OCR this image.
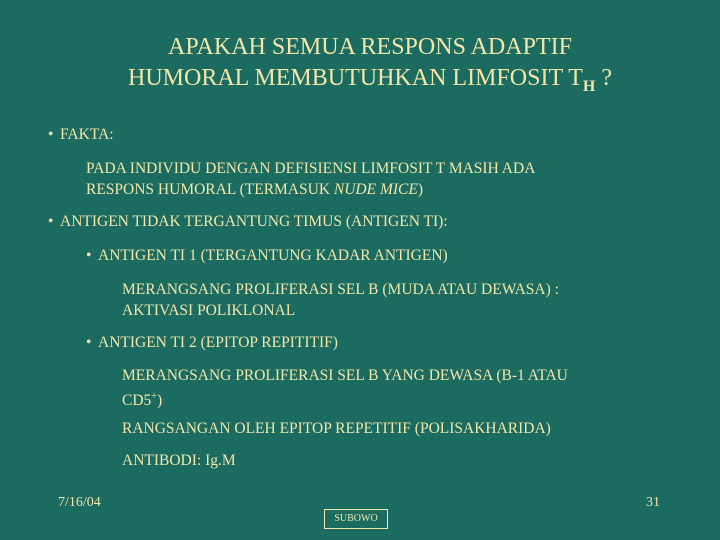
APAKAH SEMUA RESPONS ADAPTIF
HUMORAL MEMBUTUHKAN LIMFOSIT $T_H$ ?
• FAKTA:
PADA INDIVIDU DENGAN DEFISIENSI LIMFOSIT T MASIH ADA
RESPONS HUMORAL (TERMASUK NUDE MICE)
• ANTIGEN TIDAK TERGANTUNG TIMUS (ANTIGEN TI):
• ANTIGEN TI 1 (TERGANTUNG KADAR ANTIGEN)
MERANGSANG PROLIFERASI SEL B (MUDA ATAU DEWASA) :
AKTIVASI POLIKLONAL
• ANTIGEN TI 2 (EPITOP REPITITIF)
MERANGSANG PROLIFERASI SEL B YANG DEWASA (B-1 ATAU
CD5+)
RANGSANGAN OLEH EPITOP REPETITIF (POLISAKHARIDA)
ANTIBODI: Ig.M
7/16/04	31
SUBOWO
